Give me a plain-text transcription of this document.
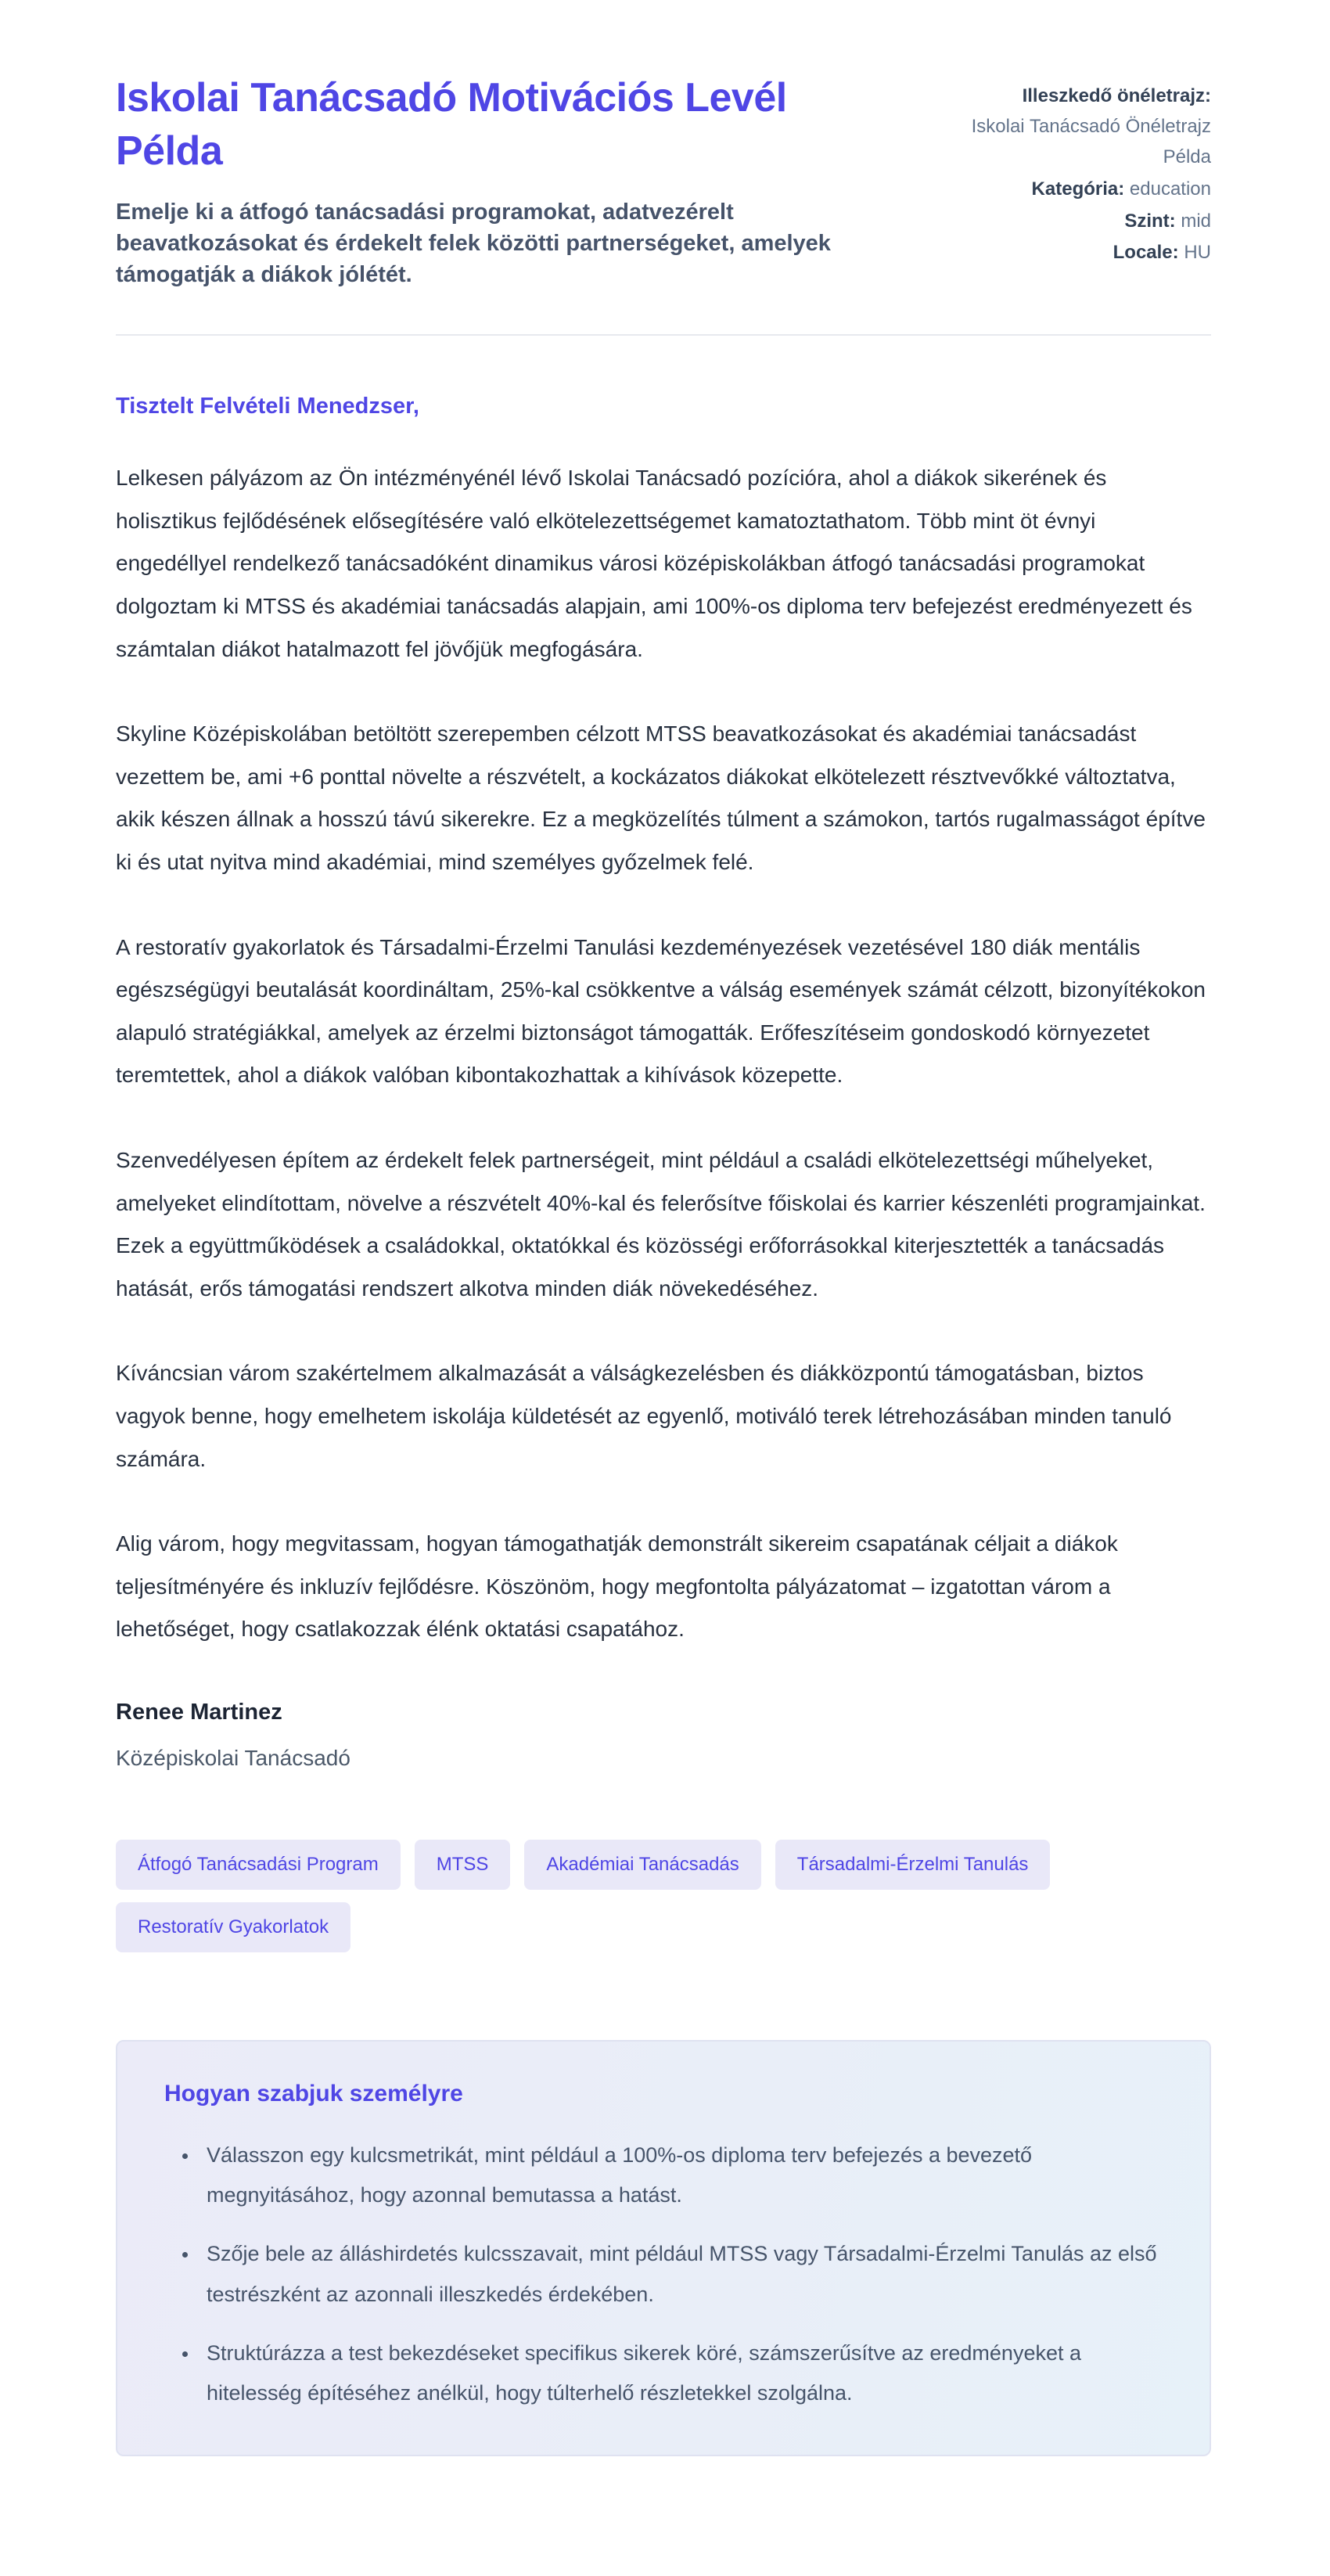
Iskolai Tanácsadó Motivációs Levél Példa
Emelje ki a átfogó tanácsadási programokat, adatvezérelt beavatkozásokat és érdekelt felek közötti partnerségeket, amelyek támogatják a diákok jólétét.
Illeszkedő önéletrajz:
Iskolai Tanácsadó Önéletrajz Példa
Kategória: education
Szint: mid
Locale: HU

Tisztelt Felvételi Menedzser,

Lelkesen pályázom az Ön intézményénél lévő Iskolai Tanácsadó pozícióra, ahol a diákok sikerének és holisztikus fejlődésének elősegítésére való elkötelezettségemet kamatoztathatom. Több mint öt évnyi engedéllyel rendelkező tanácsadóként dinamikus városi középiskolákban átfogó tanácsadási programokat dolgoztam ki MTSS és akadémiai tanácsadás alapjain, ami 100%-os diploma terv befejezést eredményezett és számtalan diákot hatalmazott fel jövőjük megfogására.

Skyline Középiskolában betöltött szerepemben célzott MTSS beavatkozásokat és akadémiai tanácsadást vezettem be, ami +6 ponttal növelte a részvételt, a kockázatos diákokat elkötelezett résztvevőkké változtatva, akik készen állnak a hosszú távú sikerekre. Ez a megközelítés túlment a számokon, tartós rugalmasságot építve ki és utat nyitva mind akadémiai, mind személyes győzelmek felé.

A restoratív gyakorlatok és Társadalmi-Érzelmi Tanulási kezdeményezések vezetésével 180 diák mentális egészségügyi beutalását koordináltam, 25%-kal csökkentve a válság események számát célzott, bizonyítékokon alapuló stratégiákkal, amelyek az érzelmi biztonságot támogatták. Erőfeszítéseim gondoskodó környezetet teremtettek, ahol a diákok valóban kibontakozhattak a kihívások közepette.

Szenvedélyesen építem az érdekelt felek partnerségeit, mint például a családi elkötelezettségi műhelyeket, amelyeket elindítottam, növelve a részvételt 40%-kal és felerősítve főiskolai és karrier készenléti programjainkat. Ezek a együttműködések a családokkal, oktatókkal és közösségi erőforrásokkal kiterjesztették a tanácsadás hatását, erős támogatási rendszert alkotva minden diák növekedéséhez.

Kíváncsian várom szakértelmem alkalmazását a válságkezelésben és diákközpontú támogatásban, biztos vagyok benne, hogy emelhetem iskolája küldetését az egyenlő, motiváló terek létrehozásában minden tanuló számára.

Alig várom, hogy megvitassam, hogyan támogathatják demonstrált sikereim csapatának céljait a diákok teljesítményére és inkluzív fejlődésre. Köszönöm, hogy megfontolta pályázatomat – izgatottan várom a lehetőséget, hogy csatlakozzak élénk oktatási csapatához.

Renee Martinez
Középiskolai Tanácsadó
Átfogó Tanácsadási Program	MTSS	Akadémiai Tanácsadás	Társadalmi-Érzelmi Tanulás
Restoratív Gyakorlatok
Hogyan szabjuk személyre
• Válasszon egy kulcsmetrikát, mint például a 100%-os diploma terv befejezés a bevezető megnyitásához, hogy azonnal bemutassa a hatást.
• Szője bele az álláshirdetés kulcsszavait, mint például MTSS vagy Társadalmi-Érzelmi Tanulás az első testrészként az azonnali illeszkedés érdekében.
• Struktúrázza a test bekezdéseket specifikus sikerek köré, számszerűsítve az eredményeket a hitelesség építéséhez anélkül, hogy túlterhelő részletekkel szolgálna.
